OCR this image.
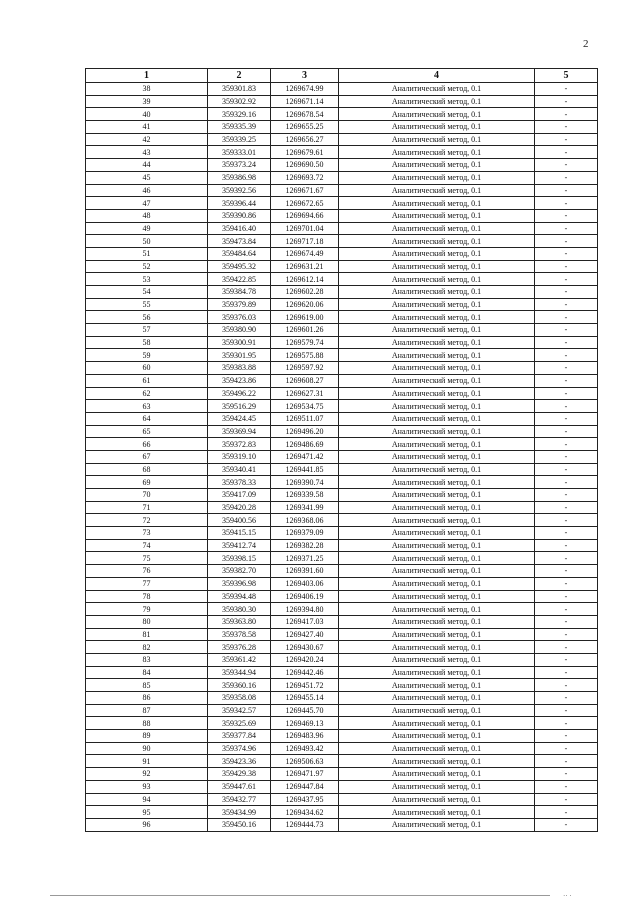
2
1	2	3	4	5
38	359301.83	1269674.99	Аналитический метод, 0.1	-
39	359302.92	1269671.14	Аналитический метод, 0.1	-
40	359329.16	1269678.54	Аналитический метод, 0.1	-
41	359335.39	1269655.25	Аналитический метод, 0.1	-
42	359339.25	1269656.27	Аналитический метод, 0.1	-
43	359333.01	1269679.61	Аналитический метод, 0.1	-
44	359373.24	1269690.50	Аналитический метод, 0.1	-
45	359386.98	1269693.72	Аналитический метод, 0.1	-
46	359392.56	1269671.67	Аналитический метод, 0.1	-
47	359396.44	1269672.65	Аналитический метод, 0.1	-
48	359390.86	1269694.66	Аналитический метод, 0.1	-
49	359416.40	1269701.04	Аналитический метод, 0.1	-
50	359473.84	1269717.18	Аналитический метод, 0.1	-
51	359484.64	1269674.49	Аналитический метод, 0.1	-
52	359495.32	1269631.21	Аналитический метод, 0.1	-
53	359422.85	1269612.14	Аналитический метод, 0.1	-
54	359384.78	1269602.28	Аналитический метод, 0.1	-
55	359379.89	1269620.06	Аналитический метод, 0.1	-
56	359376.03	1269619.00	Аналитический метод, 0.1	-
57	359380.90	1269601.26	Аналитический метод, 0.1	-
58	359300.91	1269579.74	Аналитический метод, 0.1	-
59	359301.95	1269575.88	Аналитический метод, 0.1	-
60	359383.88	1269597.92	Аналитический метод, 0.1	-
61	359423.86	1269608.27	Аналитический метод, 0.1	-
62	359496.22	1269627.31	Аналитический метод, 0.1	-
63	359516.29	1269534.75	Аналитический метод, 0.1	-
64	359424.45	1269511.07	Аналитический метод, 0.1	-
65	359369.94	1269496.20	Аналитический метод, 0.1	-
66	359372.83	1269486.69	Аналитический метод, 0.1	-
67	359319.10	1269471.42	Аналитический метод, 0.1	-
68	359340.41	1269441.85	Аналитический метод, 0.1	-
69	359378.33	1269390.74	Аналитический метод, 0.1	-
70	359417.09	1269339.58	Аналитический метод, 0.1	-
71	359420.28	1269341.99	Аналитический метод, 0.1	-
72	359400.56	1269368.06	Аналитический метод, 0.1	-
73	359415.15	1269379.09	Аналитический метод, 0.1	-
74	359412.74	1269382.28	Аналитический метод, 0.1	-
75	359398.15	1269371.25	Аналитический метод, 0.1	-
76	359382.70	1269391.60	Аналитический метод, 0.1	-
77	359396.98	1269403.06	Аналитический метод, 0.1	-
78	359394.48	1269406.19	Аналитический метод, 0.1	-
79	359380.30	1269394.80	Аналитический метод, 0.1	-
80	359363.80	1269417.03	Аналитический метод, 0.1	-
81	359378.58	1269427.40	Аналитический метод, 0.1	-
82	359376.28	1269430.67	Аналитический метод, 0.1	-
83	359361.42	1269420.24	Аналитический метод, 0.1	-
84	359344.94	1269442.46	Аналитический метод, 0.1	-
85	359360.16	1269451.72	Аналитический метод, 0.1	-
86	359358.08	1269455.14	Аналитический метод, 0.1	-
87	359342.57	1269445.70	Аналитический метод, 0.1	-
88	359325.69	1269469.13	Аналитический метод, 0.1	-
89	359377.84	1269483.96	Аналитический метод, 0.1	-
90	359374.96	1269493.42	Аналитический метод, 0.1	-
91	359423.36	1269506.63	Аналитический метод, 0.1	-
92	359429.38	1269471.97	Аналитический метод, 0.1	-
93	359447.61	1269447.84	Аналитический метод, 0.1	-
94	359432.77	1269437.95	Аналитический метод, 0.1	-
95	359434.99	1269434.62	Аналитический метод, 0.1	-
96	359450.16	1269444.73	Аналитический метод, 0.1	-
·· ·
